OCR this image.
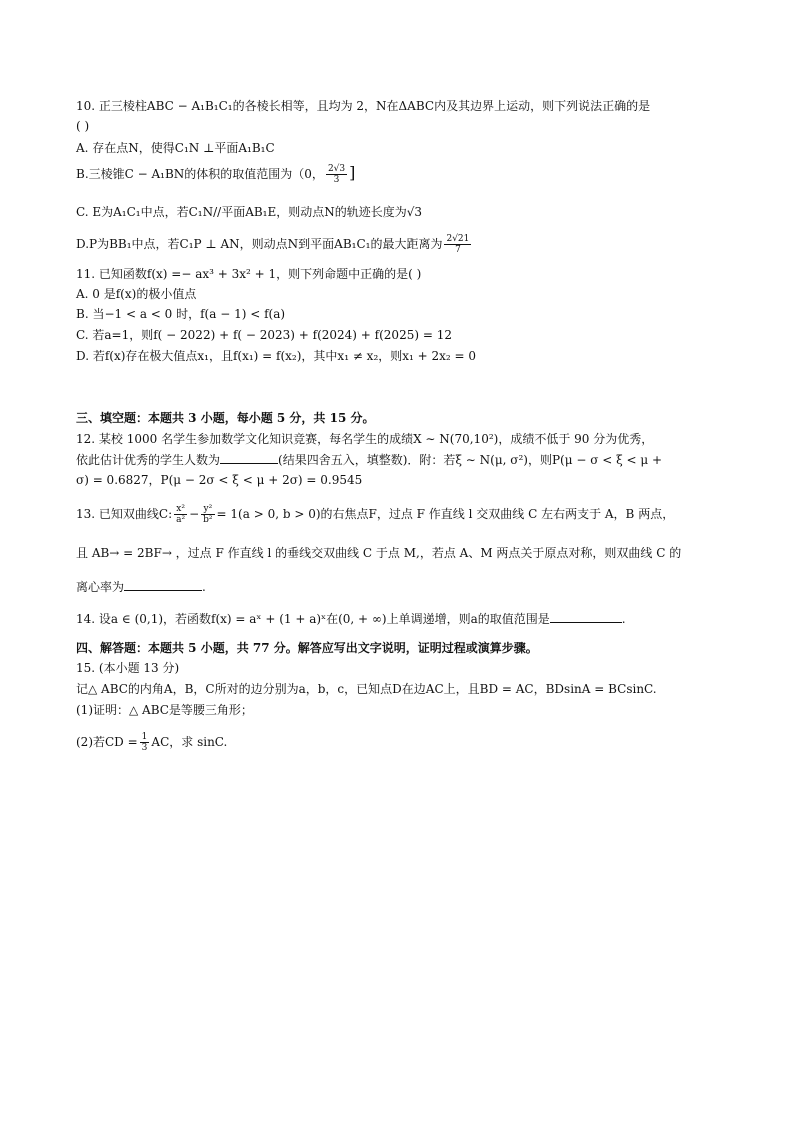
10. 正三棱柱ABC − A₁B₁C₁的各棱长相等，且均为 2，N在ΔABC内及其边界上运动，则下列说法正确的是
( )
A. 存在点N，使得C₁N ⊥平面A₁B₁C
B.三棱锥C − A₁BN的体积的取值范围为（0， $\frac{2√3}{3}$ ]
C. E为A₁C₁中点，若C₁N//平面AB₁E，则动点N的轨迹长度为√3
D.P为BB₁中点，若C₁P ⊥ AN，则动点N到平面AB₁C₁的最大距离为 $\frac{2√21}{7}$
11. 已知函数f(x) =− ax³ + 3x² + 1，则下列命题中正确的是( )
A. 0 是f(x)的极小值点
B. 当−1 < a < 0 时，f(a − 1) < f(a)
C. 若a=1，则f( − 2022) + f( − 2023) + f(2024) + f(2025) = 12
D. 若f(x)存在极大值点x₁，且f(x₁) = f(x₂)，其中x₁ ≠ x₂，则x₁ + 2x₂ = 0
三、填空题：本题共 3 小题，每小题 5 分，共 15 分。
12. 某校 1000 名学生参加数学文化知识竞赛，每名学生的成绩X ∼ N(70,10²)，成绩不低于 90 分为优秀，
依此估计优秀的学生人数为	(结果四舍五入，填整数)．附：若ξ ∼ N(μ, σ²)，则P(μ − σ < ξ < μ +
σ) = 0.6827，P(μ − 2σ < ξ < μ + 2σ) = 0.9545
13. 已知双曲线C: $\frac{\text{x²}}{\text{a²}} - \frac{\text{y²}}{\text{b²}} = 1(a > 0$, b > 0)的右焦点F，过点 F 作直线 l 交双曲线 C 左右两支于 A，B 两点，
且 AB→ = 2BF→ ，过点 F 作直线 l 的垂线交双曲线 C 于点 M,，若点 A、M 两点关于原点对称，则双曲线 C 的
离心率为	.
14. 设a ∈ (0,1)，若函数f(x) = aˣ + (1 + a)ˣ在(0, + ∞)上单调递增，则a的取值范围是	.
四、解答题：本题共 5 小题，共 77 分。解答应写出文字说明，证明过程或演算步骤。
15. (本小题 13 分)
记△ ABC的内角A，B，C所对的边分别为a，b，c，已知点D在边AC上，且BD = AC，BDsinA = BCsinC.
(1)证明：△ ABC是等腰三角形；
(2)若CD = $\frac{1}{3}$ AC，求 sinC.
